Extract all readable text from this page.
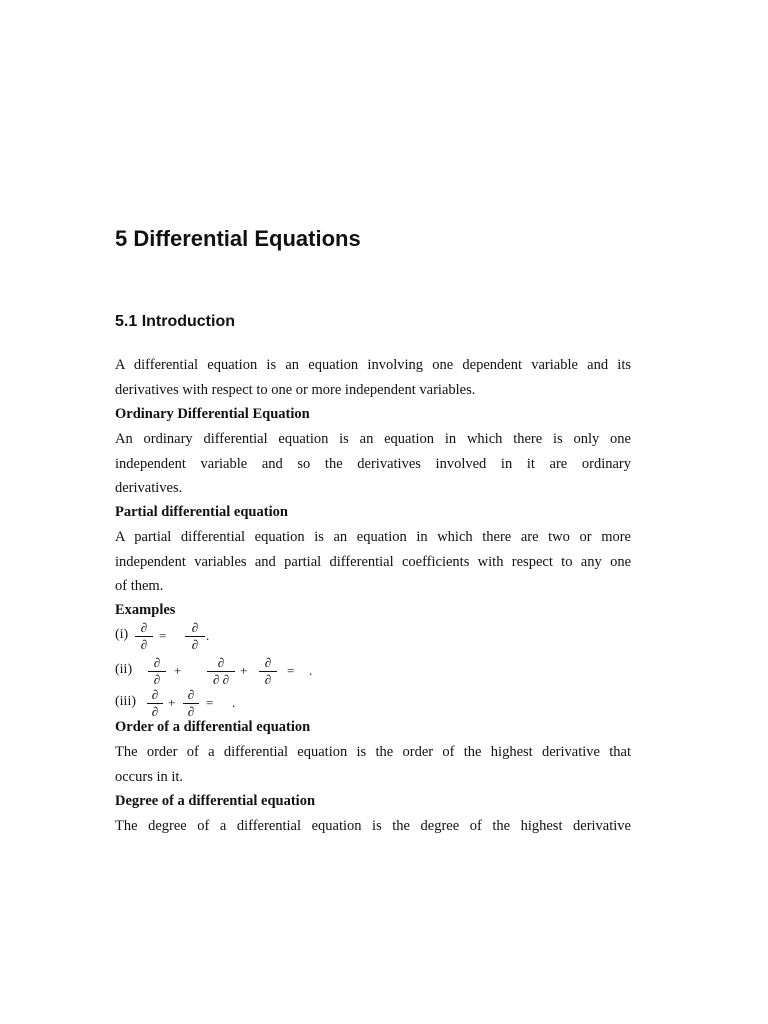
5 Differential Equations
5.1 Introduction
A differential equation is an equation involving one dependent variable and its
derivatives with respect to one or more independent variables.
Ordinary Differential Equation
An ordinary differential equation is an equation in which there is only one
independent variable and so the derivatives involved in it are ordinary
derivatives.
Partial differential equation
A partial differential equation is an equation in which there are two or more
independent variables and partial differential coefficients with respect to any one
of them.
Examples
(i) ∂
∂
=
∂
∂
.
(ii)	∂
∂
+
∂
∂ ∂
+
∂
∂
= .
(iii)	∂
∂
+
∂
∂
= .
Order of a differential equation
The order of a differential equation is the order of the highest derivative that
occurs in it.
Degree of a differential equation
The degree of a differential equation is the degree of the highest derivative
